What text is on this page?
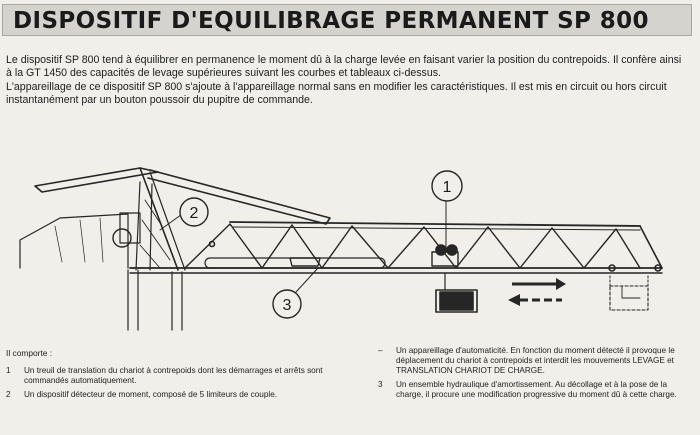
DISPOSITIF D'EQUILIBRAGE PERMANENT SP 800

Le dispositif SP 800 tend à équilibrer en permanence le moment dû à la charge levée en faisant varier la position du contrepoids. Il confère ainsi à la GT 1450 des capacités de levage supérieures suivant les courbes et tableaux ci-dessus.

L'appareillage de ce dispositif SP 800 s'ajoute à l'appareillage normal sans en modifier les caractéristiques. Il est mis en circuit ou hors circuit instantanément par un bouton poussoir du pupitre de commande.

1
2
3
Il comporte :
1 Un treuil de translation du chariot à contrepoids dont les démarrages et arrêts sont commandés automatiquement.
2 Un dispositif détecteur de moment, composé de 5 limiteurs de couple.
– Un appareillage d'automaticité. En fonction du moment détecté il provoque le déplacement du chariot à contrepoids et interdit les mouvements LEVAGE et TRANSLATION CHARIOT DE CHARGE.
3 Un ensemble hydraulique d'amortissement. Au décollage et à la pose de la charge, il procure une modification progressive du moment dû à cette charge.
